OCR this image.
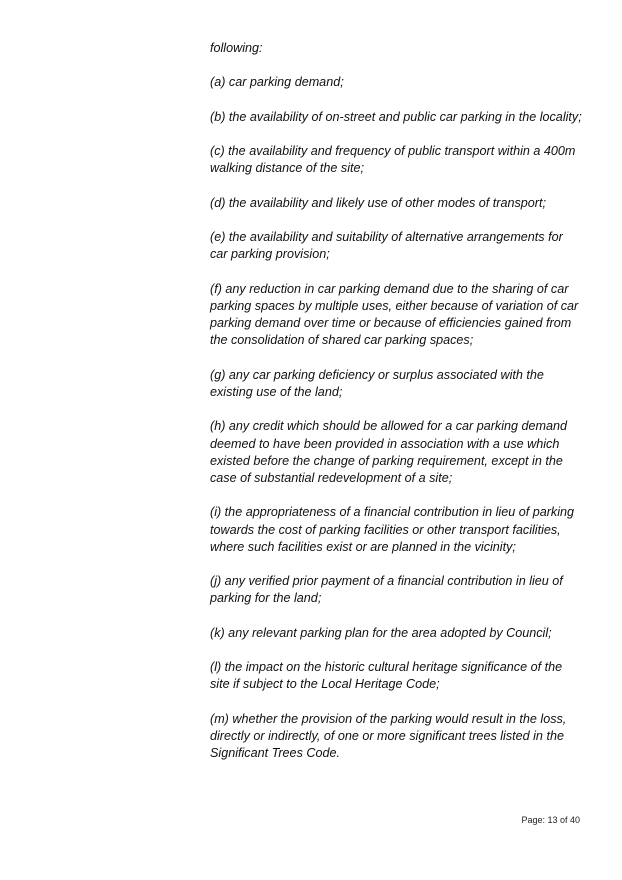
following:

(a) car parking demand;

(b) the availability of on-street and public car parking in the locality;

(c) the availability and frequency of public transport within a 400m walking distance of the site;

(d) the availability and likely use of other modes of transport;

(e) the availability and suitability of alternative arrangements for car parking provision;

(f) any reduction in car parking demand due to the sharing of car parking spaces by multiple uses, either because of variation of car parking demand over time or because of efficiencies gained from the consolidation of shared car parking spaces;

(g) any car parking deficiency or surplus associated with the existing use of the land;

(h) any credit which should be allowed for a car parking demand deemed to have been provided in association with a use which existed before the change of parking requirement, except in the case of substantial redevelopment of a site;

(i) the appropriateness of a financial contribution in lieu of parking towards the cost of parking facilities or other transport facilities, where such facilities exist or are planned in the vicinity;

(j) any verified prior payment of a financial contribution in lieu of parking for the land;

(k) any relevant parking plan for the area adopted by Council;

(l) the impact on the historic cultural heritage significance of the site if subject to the Local Heritage Code;

(m) whether the provision of the parking would result in the loss, directly or indirectly, of one or more significant trees listed in the Significant Trees Code.

Page: 13 of 40
